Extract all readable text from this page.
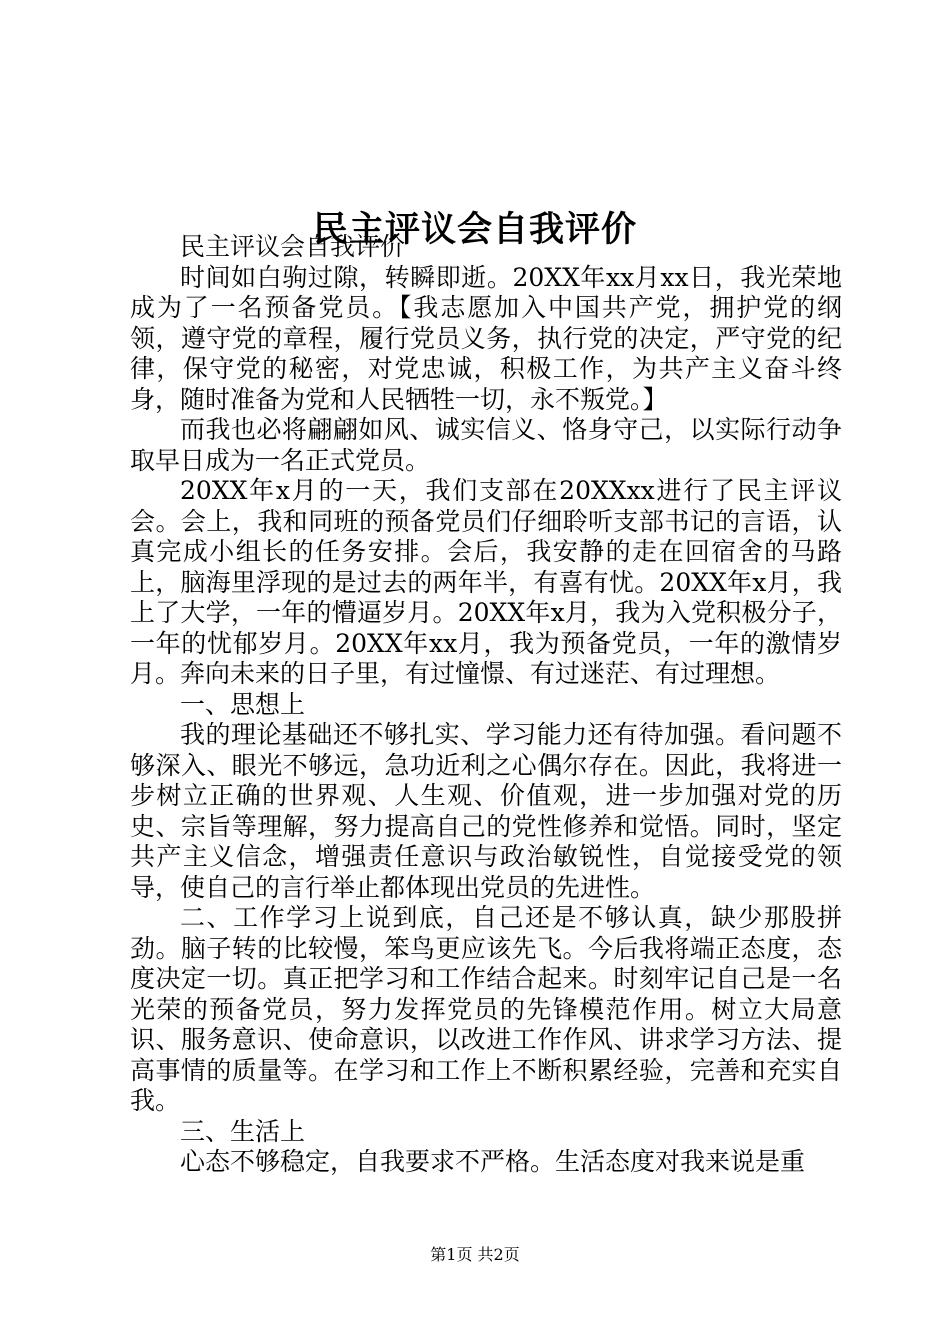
民主评议会自我评价

民主评议会自我评价

时间如白驹过隙，转瞬即逝。20XX年xx月xx日，我光荣地成为了一名预备党员。【我志愿加入中国共产党，拥护党的纲领，遵守党的章程，履行党员义务，执行党的决定，严守党的纪律，保守党的秘密，对党忠诚，积极工作，为共产主义奋斗终身，随时准备为党和人民牺牲一切，永不叛党。】

而我也必将翩翩如风、诚实信义、恪身守己，以实际行动争取早日成为一名正式党员。

20XX年x月的一天，我们支部在20XXxx进行了民主评议会。会上，我和同班的预备党员们仔细聆听支部书记的言语，认真完成小组长的任务安排。会后，我安静的走在回宿舍的马路上，脑海里浮现的是过去的两年半，有喜有忧。20XX年x月，我上了大学，一年的懵逼岁月。20XX年x月，我为入党积极分子，一年的忧郁岁月。20XX年xx月，我为预备党员，一年的激情岁月。奔向未来的日子里，有过憧憬、有过迷茫、有过理想。

一、思想上

我的理论基础还不够扎实、学习能力还有待加强。看问题不够深入、眼光不够远，急功近利之心偶尔存在。因此，我将进一步树立正确的世界观、人生观、价值观，进一步加强对党的历史、宗旨等理解，努力提高自己的党性修养和觉悟。同时，坚定共产主义信念，增强责任意识与政治敏锐性，自觉接受党的领导，使自己的言行举止都体现出党员的先进性。

二、工作学习上说到底，自己还是不够认真，缺少那股拼劲。脑子转的比较慢，笨鸟更应该先飞。今后我将端正态度，态度决定一切。真正把学习和工作结合起来。时刻牢记自己是一名光荣的预备党员，努力发挥党员的先锋模范作用。树立大局意识、服务意识、使命意识，以改进工作作风、讲求学习方法、提高事情的质量等。在学习和工作上不断积累经验，完善和充实自我。

三、生活上

心态不够稳定，自我要求不严格。生活态度对我来说是重

第1页 共2页
